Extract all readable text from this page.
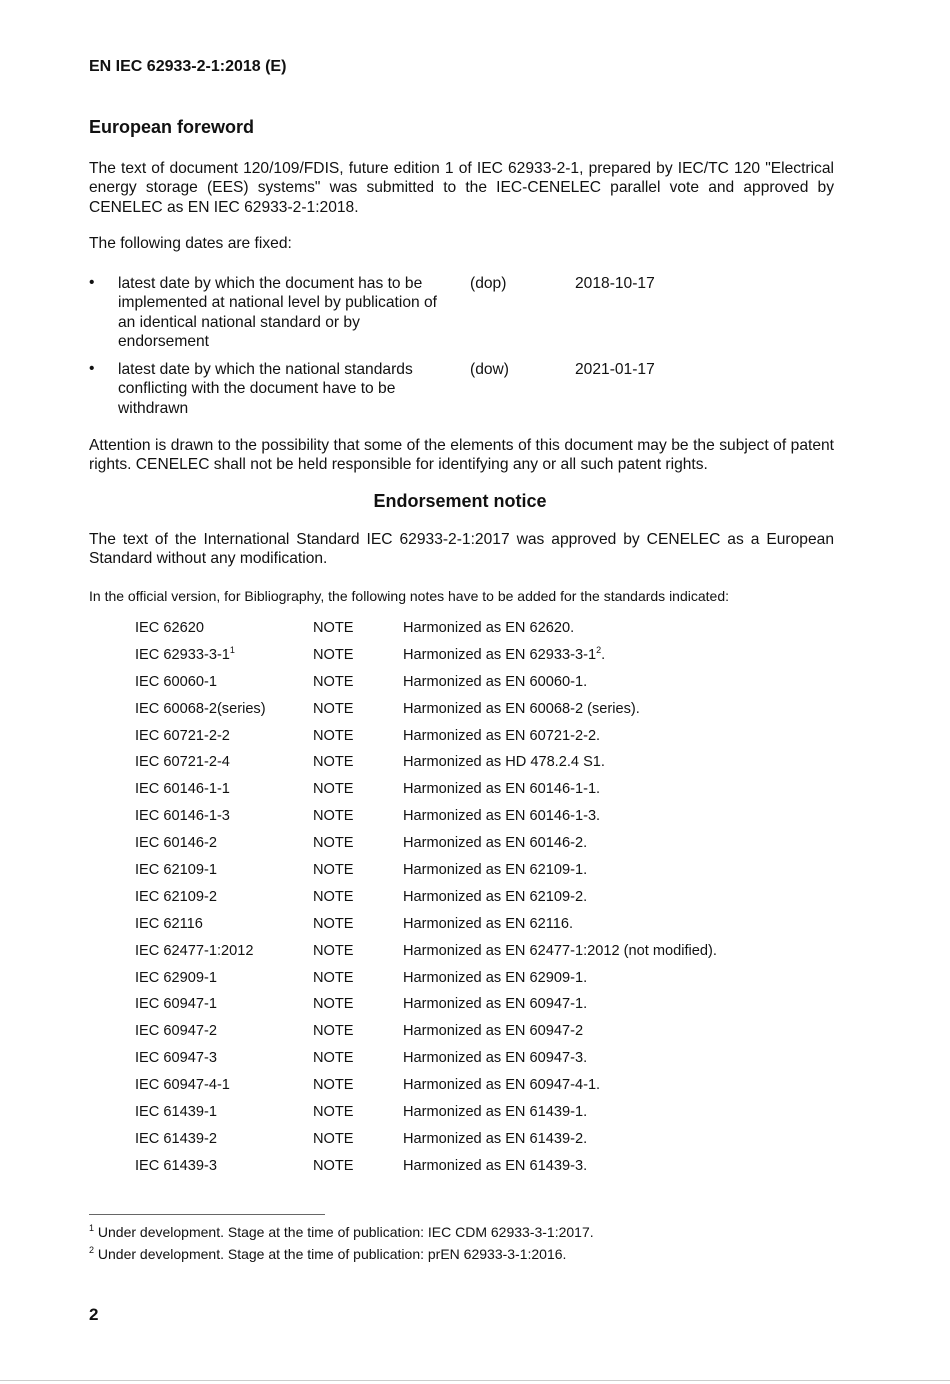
EN IEC 62933-2-1:2018 (E)
European foreword
The text of document 120/109/FDIS, future edition 1 of IEC 62933-2-1, prepared by IEC/TC 120 "Electrical energy storage (EES) systems" was submitted to the IEC-CENELEC parallel vote and approved by CENELEC as EN IEC 62933-2-1:2018.
The following dates are fixed:
• latest date by which the document has to be implemented at national level by publication of an identical national standard or by endorsement
(dop)	2018-10-17
• latest date by which the national standards conflicting with the document have to be withdrawn
(dow)	2021-01-17
Attention is drawn to the possibility that some of the elements of this document may be the subject of patent rights. CENELEC shall not be held responsible for identifying any or all such patent rights.
Endorsement notice
The text of the International Standard IEC 62933-2-1:2017 was approved by CENELEC as a European Standard without any modification.
In the official version, for Bibliography, the following notes have to be added for the standards indicated:
IEC 62620	NOTE	Harmonized as EN 62620.
IEC $62933-3-1^1$	NOTE	Harmonized as EN $62933-3-1^2$.
IEC 60060-1	NOTE	Harmonized as EN 60060-1.
IEC 60068-2(series)	NOTE	Harmonized as EN 60068-2 (series).
IEC 60721-2-2	NOTE	Harmonized as EN 60721-2-2.
IEC 60721-2-4	NOTE	Harmonized as HD 478.2.4 S1.
IEC 60146-1-1	NOTE	Harmonized as EN 60146-1-1.
IEC 60146-1-3	NOTE	Harmonized as EN 60146-1-3.
IEC 60146-2	NOTE	Harmonized as EN 60146-2.
IEC 62109-1	NOTE	Harmonized as EN 62109-1.
IEC 62109-2	NOTE	Harmonized as EN 62109-2.
IEC 62116	NOTE	Harmonized as EN 62116.
IEC 62477-1:2012	NOTE	Harmonized as EN 62477-1:2012 (not modified).
IEC 62909-1	NOTE	Harmonized as EN 62909-1.
IEC 60947-1	NOTE	Harmonized as EN 60947-1.
IEC 60947-2	NOTE	Harmonized as EN 60947-2
IEC 60947-3	NOTE	Harmonized as EN 60947-3.
IEC 60947-4-1	NOTE	Harmonized as EN 60947-4-1.
IEC 61439-1	NOTE	Harmonized as EN 61439-1.
IEC 61439-2	NOTE	Harmonized as EN 61439-2.
IEC 61439-3	NOTE	Harmonized as EN 61439-3.
$^1$ Under development. Stage at the time of publication: IEC CDM 62933-3-1:2017.
$^2$ Under development. Stage at the time of publication: prEN 62933-3-1:2016.
2
